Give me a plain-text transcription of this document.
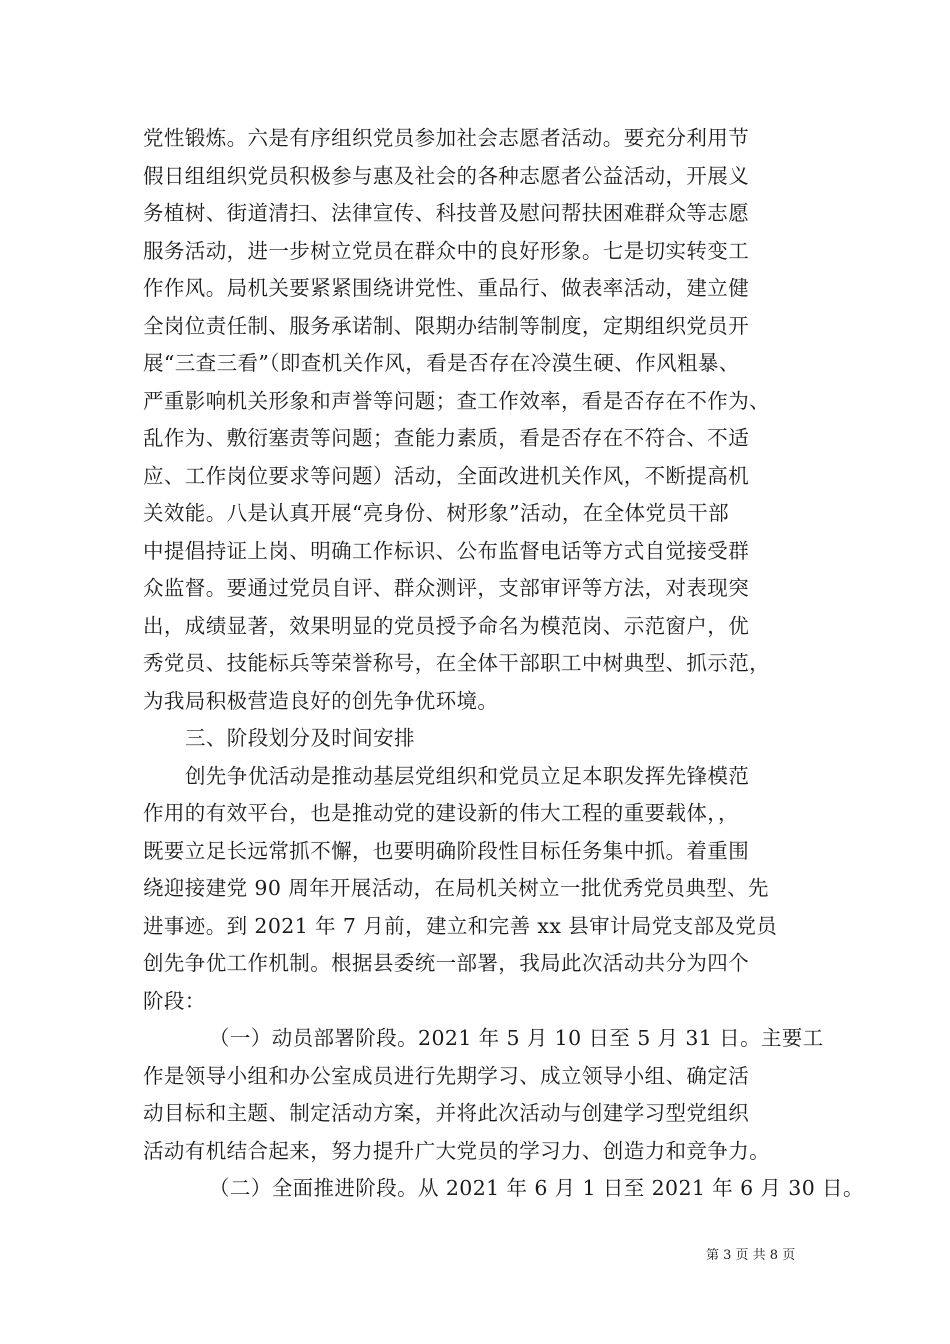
党性锻炼。六是有序组织党员参加社会志愿者活动。要充分利用节
假日组组织党员积极参与惠及社会的各种志愿者公益活动，开展义
务植树、街道清扫、法律宣传、科技普及慰问帮扶困难群众等志愿
服务活动，进一步树立党员在群众中的良好形象。七是切实转变工
作作风。局机关要紧紧围绕讲党性、重品行、做表率活动，建立健
全岗位责任制、服务承诺制、限期办结制等制度，定期组织党员开
展“三查三看”（即查机关作风，看是否存在冷漠生硬、作风粗暴、
严重影响机关形象和声誉等问题；查工作效率，看是否存在不作为、
乱作为、敷衍塞责等问题；查能力素质，看是否存在不符合、不适
应、工作岗位要求等问题）活动，全面改进机关作风，不断提高机
关效能。八是认真开展“亮身份、树形象”活动，在全体党员干部
中提倡持证上岗、明确工作标识、公布监督电话等方式自觉接受群
众监督。要通过党员自评、群众测评，支部审评等方法，对表现突
出，成绩显著，效果明显的党员授予命名为模范岗、示范窗户，优
秀党员、技能标兵等荣誉称号，在全体干部职工中树典型、抓示范，
为我局积极营造良好的创先争优环境。
三、阶段划分及时间安排
创先争优活动是推动基层党组织和党员立足本职发挥先锋模范
作用的有效平台，也是推动党的建设新的伟大工程的重要载体，，
既要立足长远常抓不懈，也要明确阶段性目标任务集中抓。着重围
绕迎接建党 90 周年开展活动，在局机关树立一批优秀党员典型、先
进事迹。到 2021 年 7 月前，建立和完善 xx 县审计局党支部及党员
创先争优工作机制。根据县委统一部署，我局此次活动共分为四个
阶段：
（一）动员部署阶段。2021 年 5 月 10 日至 5 月 31 日。主要工
作是领导小组和办公室成员进行先期学习、成立领导小组、确定活
动目标和主题、制定活动方案，并将此次活动与创建学习型党组织
活动有机结合起来，努力提升广大党员的学习力、创造力和竞争力。
（二）全面推进阶段。从 2021 年 6 月 1 日至 2021 年 6 月 30 日。
第 3 页 共 8 页
